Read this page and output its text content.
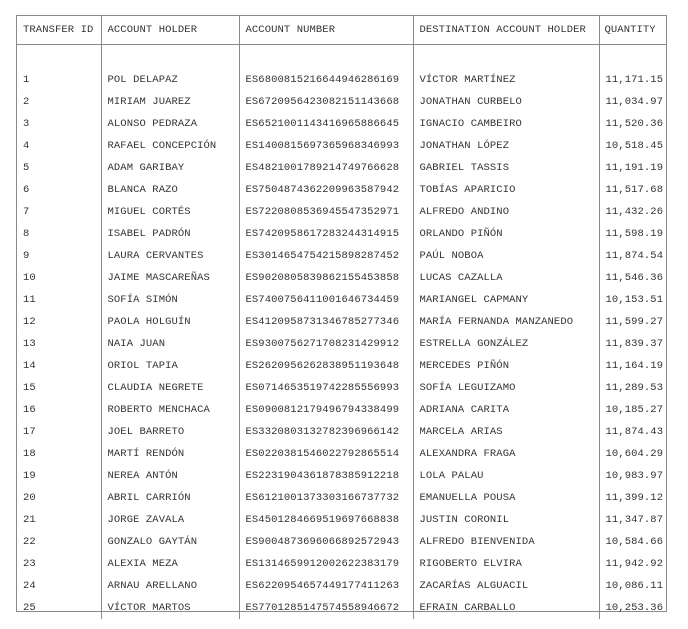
TRANSFER ID	ACCOUNT HOLDER	ACCOUNT NUMBER	DESTINATION ACCOUNT HOLDER	QUANTITY

1	POL DELAPAZ	ES6800815216644946286169	VÍCTOR MARTÍNEZ	11,171.15
2	MIRIAM JUAREZ	ES6720956423082151143668	JONATHAN CURBELO	11,034.97
3	ALONSO PEDRAZA	ES6521001143416965886645	IGNACIO CAMBEIRO	11,520.36
4	RAFAEL CONCEPCIÓN	ES1400815697365968346993	JONATHAN LÓPEZ	10,518.45
5	ADAM GARIBAY	ES4821001789214749766628	GABRIEL TASSIS	11,191.19
6	BLANCA RAZO	ES7504874362209963587942	TOBÍAS APARICIO	11,517.68
7	MIGUEL CORTÉS	ES7220808536945547352971	ALFREDO ANDINO	11,432.26
8	ISABEL PADRÓN	ES7420958617283244314915	ORLANDO PIÑÓN	11,598.19
9	LAURA CERVANTES	ES3014654754215898287452	PAÚL NOBOA	11,874.54
10	JAIME MASCAREÑAS	ES9020805839862155453858	LUCAS CAZALLA	11,546.36
11	SOFÍA SIMÓN	ES7400756411001646734459	MARIANGEL CAPMANY	10,153.51
12	PAOLA HOLGUÍN	ES4120958731346785277346	MARÍA FERNANDA MANZANEDO	11,599.27
13	NAIA JUAN	ES9300756271708231429912	ESTRELLA GONZÁLEZ	11,839.37
14	ORIOL TAPIA	ES2620956262838951193648	MERCEDES PIÑÓN	11,164.19
15	CLAUDIA NEGRETE	ES0714653519742285556993	SOFÍA LEGUIZAMO	11,289.53
16	ROBERTO MENCHACA	ES0900812179496794338499	ADRIANA CARITA	10,185.27
17	JOEL BARRETO	ES3320803132782396966142	MARCELA ARIAS	11,874.43
18	MARTÍ RENDÓN	ES0220381546022792865514	ALEXANDRA FRAGA	10,604.29
19	NEREA ANTÓN	ES2231904361878385912218	LOLA PALAU	10,983.97
20	ABRIL CARRIÓN	ES6121001373303166737732	EMANUELLA POUSA	11,399.12
21	JORGE ZAVALA	ES4501284669519697668838	JUSTIN CORONIL	11,347.87
22	GONZALO GAYTÁN	ES9004873696066892572943	ALFREDO BIENVENIDA	10,584.66
23	ALEXIA MEZA	ES1314659912002622383179	RIGOBERTO ELVIRA	11,942.92
24	ARNAU ARELLANO	ES6220954657449177411263	ZACARÍAS ALGUACIL	10,086.11
25	VÍCTOR MARTOS	ES7701285147574558946672	EFRAIN CARBALLO	10,253.36
